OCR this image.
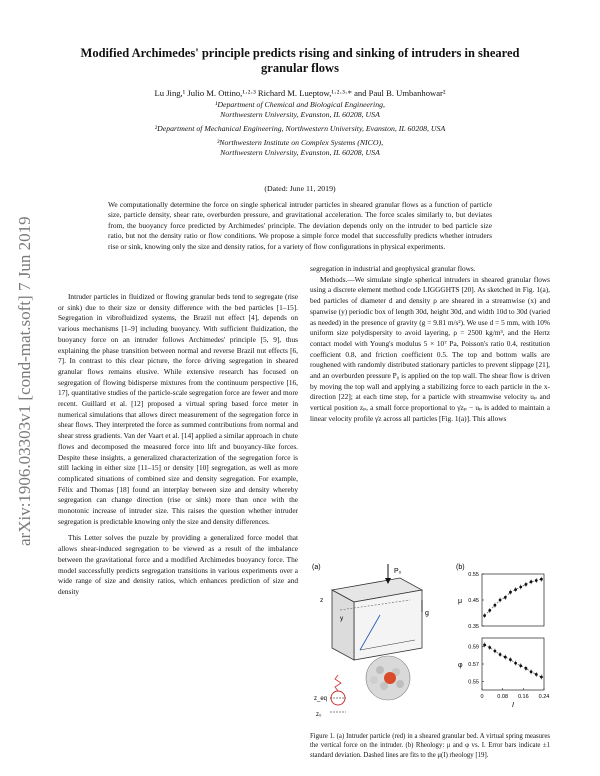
arXiv:1906.03303v1 [cond-mat.soft] 7 Jun 2019
Modified Archimedes' principle predicts rising and sinking of intruders in sheared
granular flows
Lu Jing,¹ Julio M. Ottino,¹·²·³ Richard M. Lueptow,¹·²·³·* and Paul B. Umbanhowar²
¹Department of Chemical and Biological Engineering,
Northwestern University, Evanston, IL 60208, USA
²Department of Mechanical Engineering, Northwestern University, Evanston, IL 60208, USA
³Northwestern Institute on Complex Systems (NICO),
Northwestern University, Evanston, IL 60208, USA
(Dated: June 11, 2019)
We computationally determine the force on single spherical intruder particles in sheared granular flows as a function of particle size, particle density, shear rate, overburden pressure, and gravitational acceleration. The force scales similarly to, but deviates from, the buoyancy force predicted by Archimedes' principle. The deviation depends only on the intruder to bed particle size ratio, but not the density ratio or flow conditions. We propose a simple force model that successfully predicts whether intruders rise or sink, knowing only the size and density ratios, for a variety of flow configurations in physical experiments.

Intruder particles in fluidized or flowing granular beds tend to segregate (rise or sink) due to their size or density difference with the bed particles [1–15]. Segregation in vibrofluidized systems, the Brazil nut effect [4], depends on various mechanisms [1–9] including buoyancy. With sufficient fluidization, the buoyancy force on an intruder follows Archimedes' principle [5, 9], thus explaining the phase transition between normal and reverse Brazil nut effects [6, 7]. In contrast to this clear picture, the force driving segregation in sheared granular flows remains elusive. While extensive research has focused on segregation of flowing bidisperse mixtures from the continuum perspective [16, 17], quantitative studies of the particle-scale segregation force are fewer and more recent. Guillard et al. [12] proposed a virtual spring based force meter in numerical simulations that allows direct measurement of the segregation force in shear flows. They interpreted the force as summed contributions from normal and shear stress gradients. Van der Vaart et al. [14] applied a similar approach in chute flows and decomposed the measured force into lift and buoyancy-like forces. Despite these insights, a generalized characterization of the segregation force is still lacking in either size [11–15] or density [10] segregation, as well as more complicated situations of combined size and density segregation. For example, Félix and Thomas [18] found an interplay between size and density whereby segregation can change direction (rise or sink) more than once with the monotonic increase of intruder size. This raises the question whether intruder segregation is predictable knowing only the size and density differences.

This Letter solves the puzzle by providing a generalized force model that allows shear-induced segregation to be viewed as a result of the imbalance between the gravitational force and a modified Archimedes buoyancy force. The model successfully predicts segregation transitions in various experiments over a wide range of size and density ratios, which enhances prediction of size and density

segregation in industrial and geophysical granular flows.

Methods.—We simulate single spherical intruders in sheared granular flows using a discrete element method code LIGGGHTS [20]. As sketched in Fig. 1(a), bed particles of diameter d and density ρ are sheared in a streamwise (x) and spanwise (y) periodic box of length 30d, height 30d, and width 10d to 30d (varied as needed) in the presence of gravity (g = 9.81 m/s²). We use d = 5 mm, with 10% uniform size polydispersity to avoid layering, ρ = 2500 kg/m³, and the Hertz contact model with Young's modulus 5 × 10⁷ Pa, Poisson's ratio 0.4, restitution coefficient 0.8, and friction coefficient 0.5. The top and bottom walls are roughened with randomly distributed stationary particles to prevent slippage [21], and an overburden pressure P₀ is applied on the top wall. The shear flow is driven by moving the top wall and applying a stabilizing force to each particle in the x-direction [22]; at each time step, for a particle with streamwise velocity uₚ and vertical position zₚ, a small force proportional to γ̇zₚ − uₚ is added to maintain a linear velocity profile γ̇z across all particles [Fig. 1(a)]. This allows

(a)
P₀
g
z
y
z_eq
z₀
(b)
μ
0.55
0.45
0.35
φ
0.59
0.57
0.55
0	0.08 0.16 0.24
I
Figure 1. (a) Intruder particle (red) in a sheared granular bed. A virtual spring measures the vertical force on the intruder. (b) Rheology: μ and φ vs. I. Error bars indicate ±1 standard deviation. Dashed lines are fits to the μ(I) rheology [19].
